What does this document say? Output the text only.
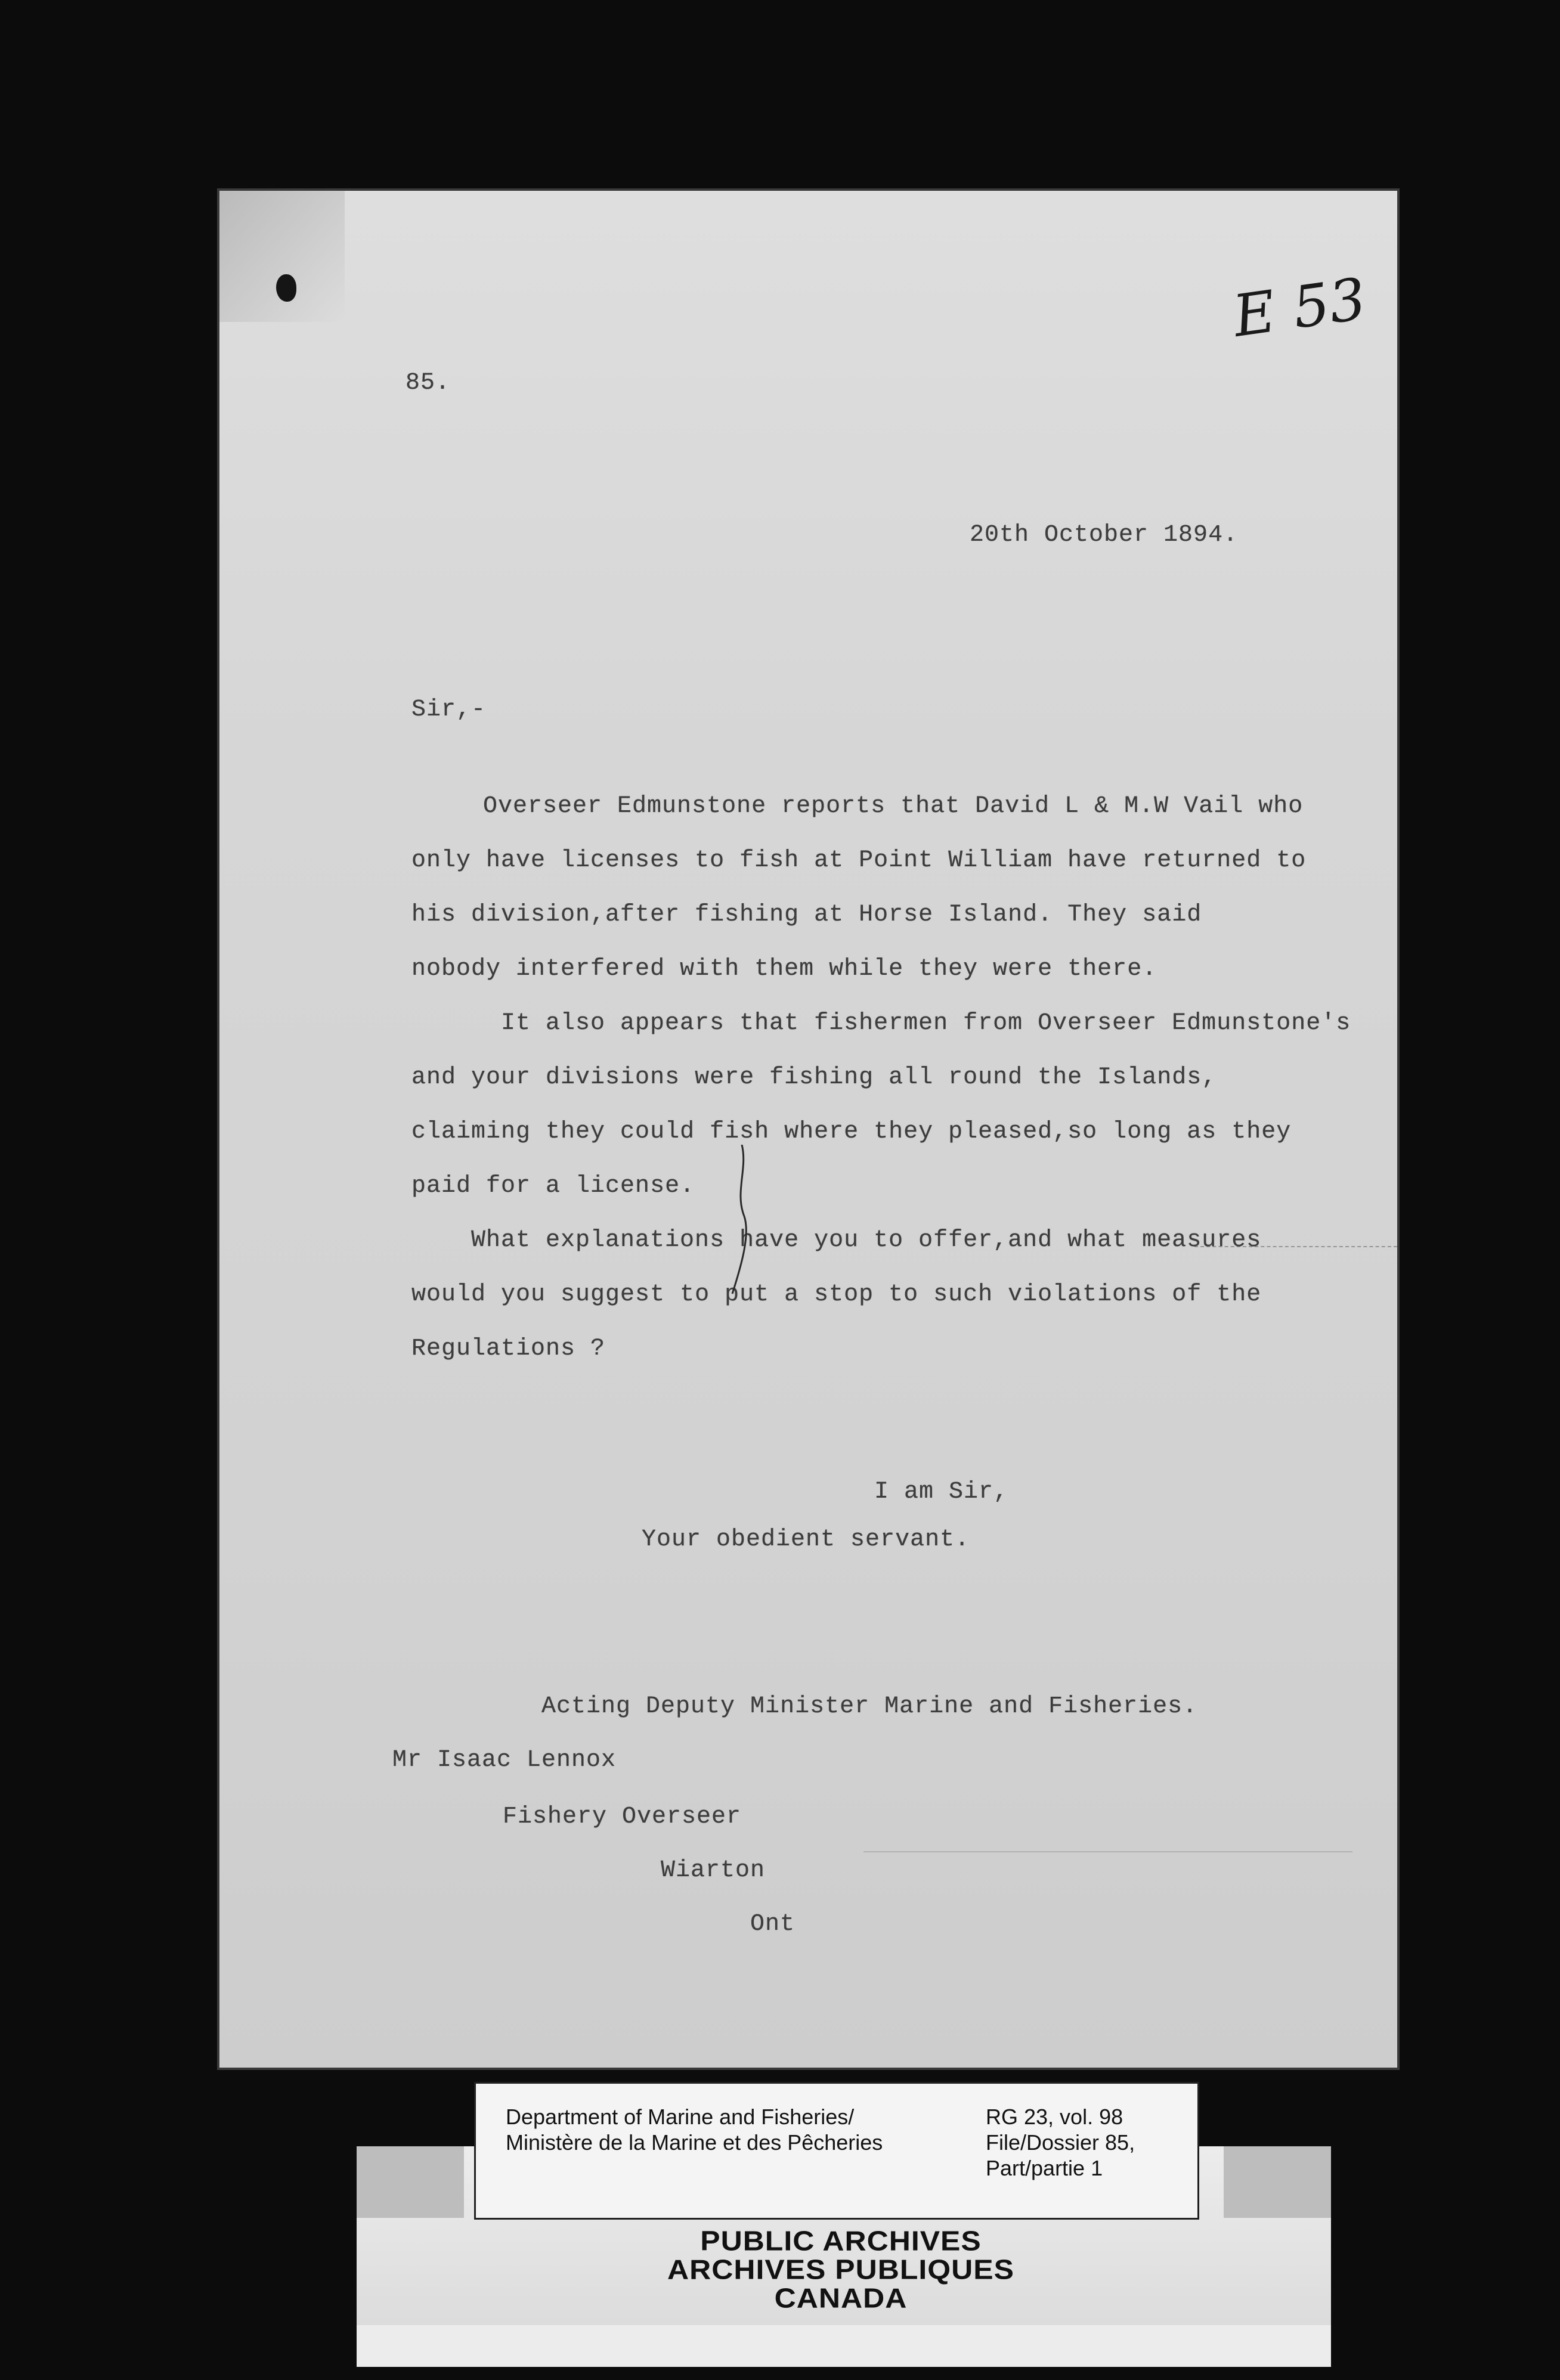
E 53
85.
20th October 1894.
Sir,-
Overseer Edmunstone reports that David L & M.W Vail who
only have licenses to fish at Point William have returned to
his division,after fishing at Horse Island. They said
nobody interfered with them while they were there.
It also appears that fishermen from Overseer Edmunstone's
and your divisions were fishing all round the Islands,
claiming they could fish where they pleased,so long as they
paid for a license.
What explanations have you to offer,and what measures
would you suggest to put a stop to such violations of the
Regulations ?
I am Sir,
Your obedient servant.
Acting Deputy Minister Marine and Fisheries.
Mr Isaac Lennox
Fishery Overseer
Wiarton
Ont
Department of Marine and Fisheries/
Ministère de la Marine et des Pêcheries
RG 23, vol. 98
File/Dossier 85,
Part/partie 1
PUBLIC ARCHIVES
ARCHIVES PUBLIQUES
CANADA
